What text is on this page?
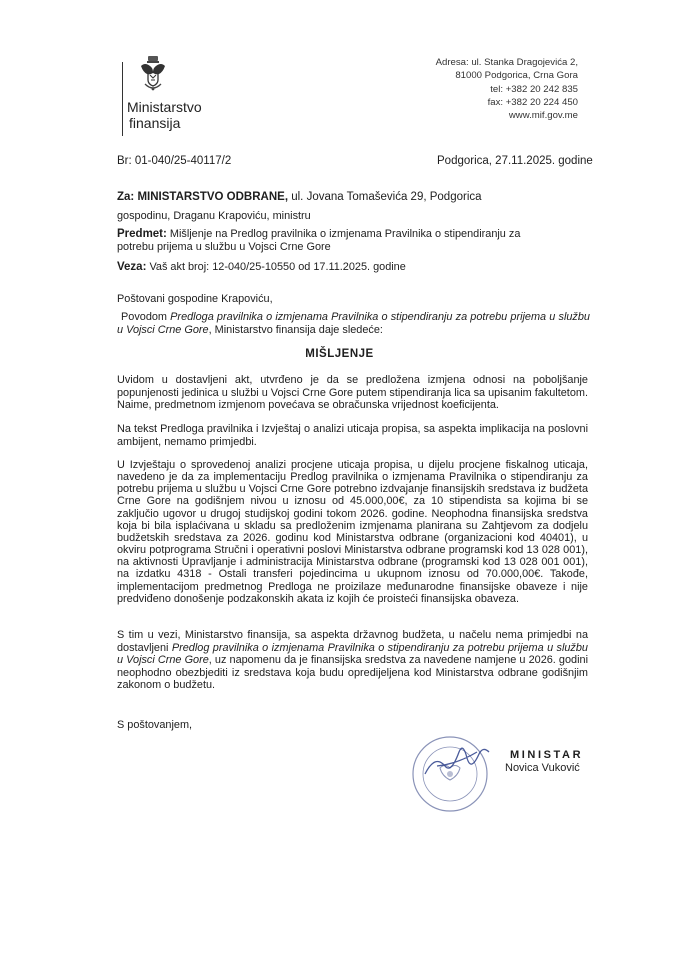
Ministarstvo
finansija
Adresa: ul. Stanka Dragojevića 2,
81000 Podgorica, Crna Gora
tel: +382 20 242 835
fax: +382 20 224 450
www.mif.gov.me
Br: 01-040/25-40117/2	Podgorica, 27.11.2025. godine
Za: MINISTARSTVO ODBRANE, ul. Jovana Tomaševića 29, Podgorica
gospodinu, Draganu Krapoviću, ministru
Predmet: Mišljenje na Predlog pravilnika o izmjenama Pravilnika o stipendiranju za potrebu prijema u službu u Vojsci Crne Gore
Veza: Vaš akt broj: 12-040/25-10550 od 17.11.2025. godine
Poštovani gospodine Krapoviću,
Povodom Predloga pravilnika o izmjenama Pravilnika o stipendiranju za potrebu prijema u službu u Vojsci Crne Gore, Ministarstvo finansija daje sledeće:
MIŠLJENJE
Uvidom u dostavljeni akt, utvrđeno je da se predložena izmjena odnosi na poboljšanje popunjenosti jedinica u službi u Vojsci Crne Gore putem stipendiranja lica sa upisanim fakultetom. Naime, predmetnom izmjenom povećava se obračunska vrijednost koeficijenta.
Na tekst Predloga pravilnika i Izvještaj o analizi uticaja propisa, sa aspekta implikacija na poslovni ambijent, nemamo primjedbi.
U Izvještaju o sprovedenoj analizi procjene uticaja propisa, u dijelu procjene fiskalnog uticaja, navedeno je da za implementaciju Predlog pravilnika o izmjenama Pravilnika o stipendiranju za potrebu prijema u službu u Vojsci Crne Gore potrebno izdvajanje finansijskih sredstava iz budžeta Crne Gore na godišnjem nivou u iznosu od 45.000,00€, za 10 stipendista sa kojima bi se zaključio ugovor u drugoj studijskoj godini tokom 2026. godine. Neophodna finansijska sredstva koja bi bila isplaćivana u skladu sa predloženim izmjenama planirana su Zahtjevom za dodjelu budžetskih sredstava za 2026. godinu kod Ministarstva odbrane (organizacioni kod 40401), u okviru potprograma Stručni i operativni poslovi Ministarstva odbrane programski kod 13 028 001), na aktivnosti Upravljanje i administracija Ministarstva odbrane (programski kod 13 028 001 001), na izdatku 4318 - Ostali transferi pojedincima u ukupnom iznosu od 70.000,00€. Takođe, implementacijom predmetnog Predloga ne proizilaze međunarodne finansijske obaveze i nije predviđeno donošenje podzakonskih akata iz kojih će proisteći finansijska obaveza.
S tim u vezi, Ministarstvo finansija, sa aspekta državnog budžeta, u načelu nema primjedbi na dostavljeni Predlog pravilnika o izmjenama Pravilnika o stipendiranju za potrebu prijema u službu u Vojsci Crne Gore, uz napomenu da je finansijska sredstva za navedene namjene u 2026. godini neophodno obezbjediti iz sredstava koja budu opredijeljena kod Ministarstva odbrane godišnjim zakonom o budžetu.
S poštovanjem,
MINISTAR
Novica Vuković
